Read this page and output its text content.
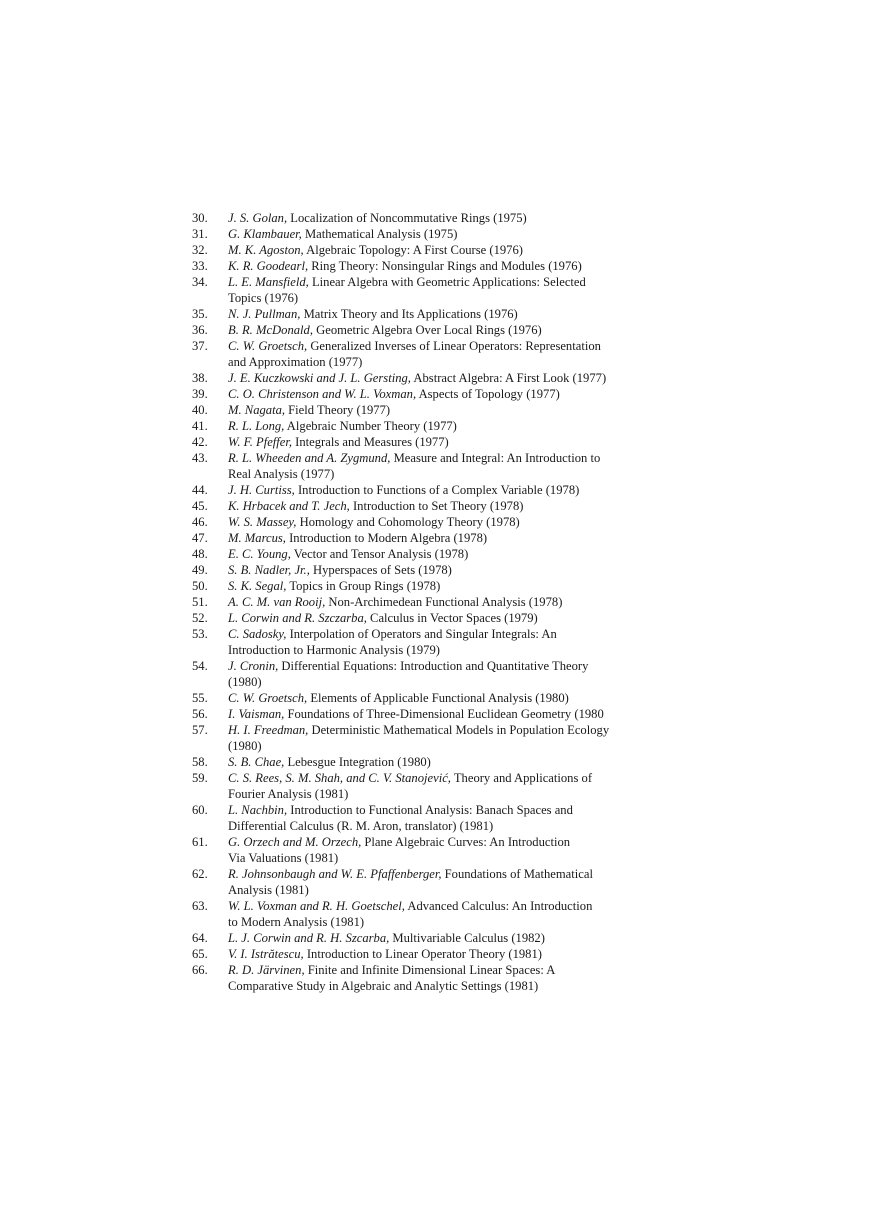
30.	J. S. Golan, Localization of Noncommutative Rings (1975)
31.	G. Klambauer, Mathematical Analysis (1975)
32.	M. K. Agoston, Algebraic Topology: A First Course (1976)
33.	K. R. Goodearl, Ring Theory: Nonsingular Rings and Modules (1976)
34.	L. E. Mansfield, Linear Algebra with Geometric Applications: Selected
Topics (1976)
35.	N. J. Pullman, Matrix Theory and Its Applications (1976)
36.	B. R. McDonald, Geometric Algebra Over Local Rings (1976)
37.	C. W. Groetsch, Generalized Inverses of Linear Operators: Representation
and Approximation (1977)
38.	J. E. Kuczkowski and J. L. Gersting, Abstract Algebra: A First Look (1977)
39.	C. O. Christenson and W. L. Voxman, Aspects of Topology (1977)
40.	M. Nagata, Field Theory (1977)
41.	R. L. Long, Algebraic Number Theory (1977)
42.	W. F. Pfeffer, Integrals and Measures (1977)
43.	R. L. Wheeden and A. Zygmund, Measure and Integral: An Introduction to
Real Analysis (1977)
44.	J. H. Curtiss, Introduction to Functions of a Complex Variable (1978)
45.	K. Hrbacek and T. Jech, Introduction to Set Theory (1978)
46.	W. S. Massey, Homology and Cohomology Theory (1978)
47.	M. Marcus, Introduction to Modern Algebra (1978)
48.	E. C. Young, Vector and Tensor Analysis (1978)
49.	S. B. Nadler, Jr., Hyperspaces of Sets (1978)
50.	S. K. Segal, Topics in Group Rings (1978)
51.	A. C. M. van Rooij, Non-Archimedean Functional Analysis (1978)
52.	L. Corwin and R. Szczarba, Calculus in Vector Spaces (1979)
53.	C. Sadosky, Interpolation of Operators and Singular Integrals: An
Introduction to Harmonic Analysis (1979)
54.	J. Cronin, Differential Equations: Introduction and Quantitative Theory
(1980)
55.	C. W. Groetsch, Elements of Applicable Functional Analysis (1980)
56.	I. Vaisman, Foundations of Three-Dimensional Euclidean Geometry (1980
57.	H. I. Freedman, Deterministic Mathematical Models in Population Ecology
(1980)
58.	S. B. Chae, Lebesgue Integration (1980)
59.	C. S. Rees, S. M. Shah, and C. V. Stanojević, Theory and Applications of
Fourier Analysis (1981)
60.	L. Nachbin, Introduction to Functional Analysis: Banach Spaces and
Differential Calculus (R. M. Aron, translator) (1981)
61.	G. Orzech and M. Orzech, Plane Algebraic Curves: An Introduction
Via Valuations (1981)
62.	R. Johnsonbaugh and W. E. Pfaffenberger, Foundations of Mathematical
Analysis (1981)
63.	W. L. Voxman and R. H. Goetschel, Advanced Calculus: An Introduction
to Modern Analysis (1981)
64.	L. J. Corwin and R. H. Szcarba, Multivariable Calculus (1982)
65.	V. I. Istrătescu, Introduction to Linear Operator Theory (1981)
66.	R. D. Järvinen, Finite and Infinite Dimensional Linear Spaces: A
Comparative Study in Algebraic and Analytic Settings (1981)
